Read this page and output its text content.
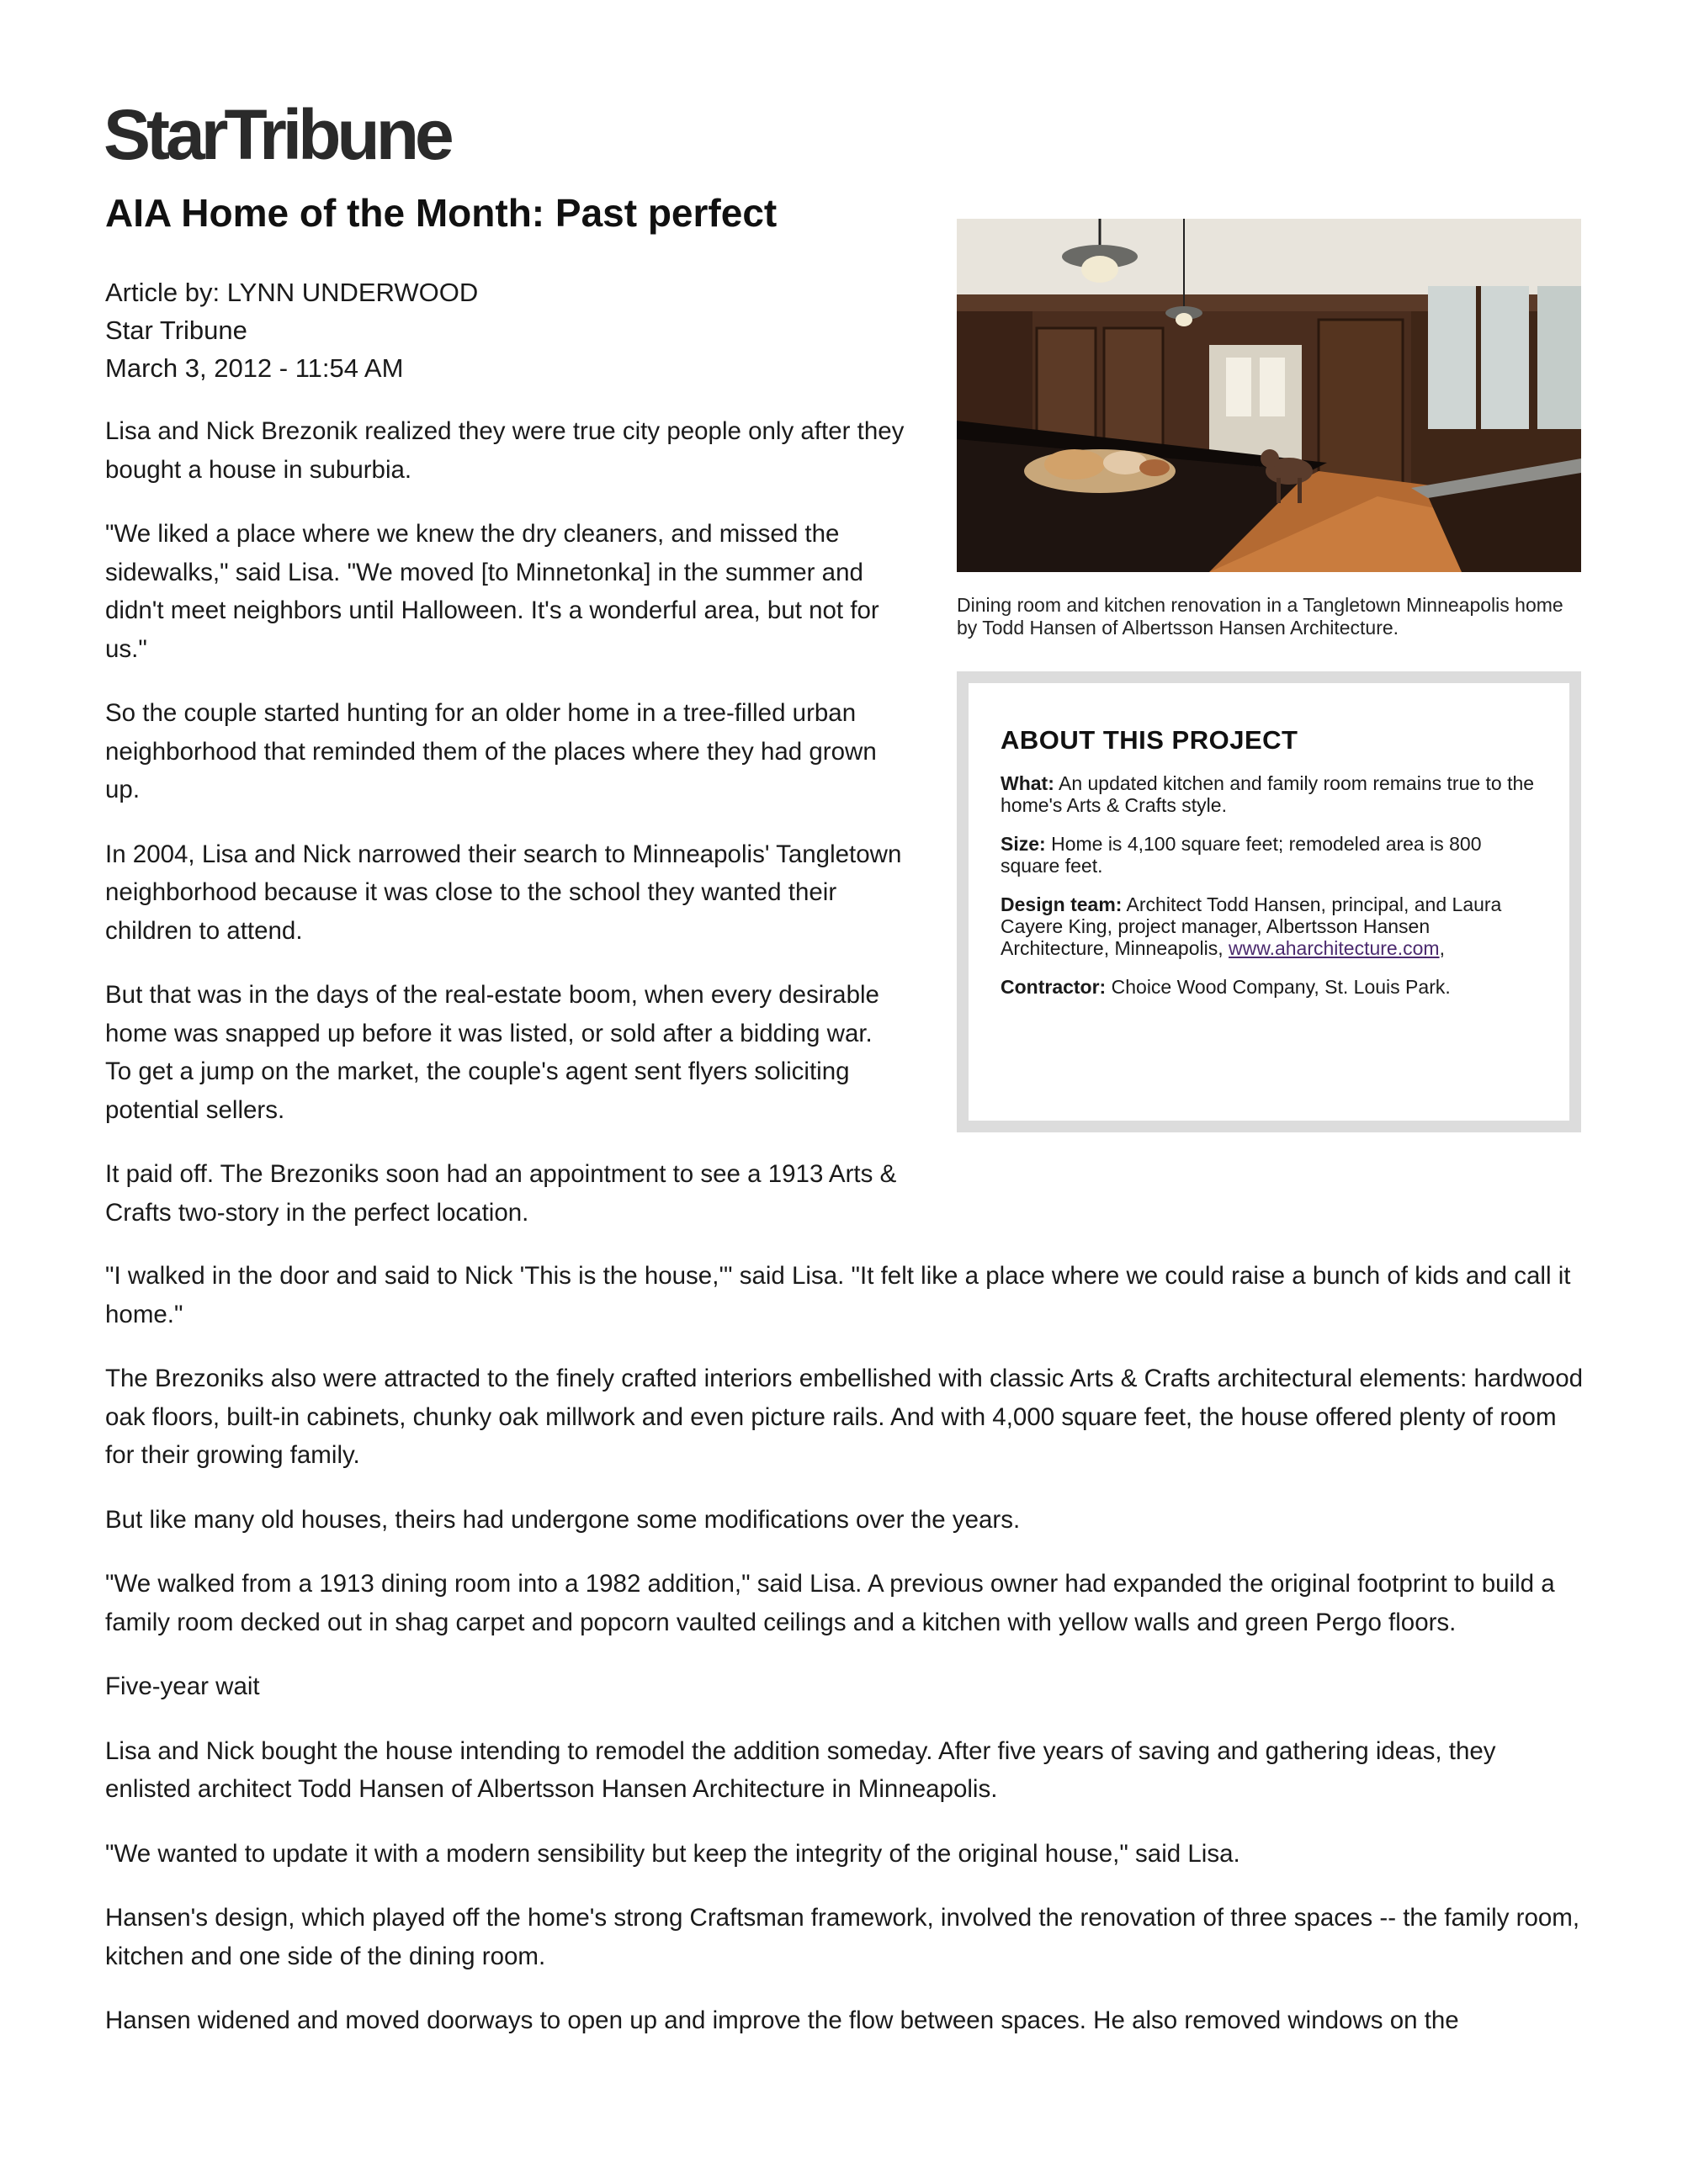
StarTribune
AIA Home of the Month: Past perfect
Article by: LYNN UNDERWOOD
Star Tribune
March 3, 2012 - 11:54 AM

Lisa and Nick Brezonik realized they were true city people only after they bought a house in suburbia.

"We liked a place where we knew the dry cleaners, and missed the sidewalks," said Lisa. "We moved [to Minnetonka] in the summer and didn't meet neighbors until Halloween. It's a wonderful area, but not for us."

So the couple started hunting for an older home in a tree-filled urban neighborhood that reminded them of the places where they had grown up.

In 2004, Lisa and Nick narrowed their search to Minneapolis' Tangletown neighborhood because it was close to the school they wanted their children to attend.

But that was in the days of the real-estate boom, when every desirable home was snapped up before it was listed, or sold after a bidding war. To get a jump on the market, the couple's agent sent flyers soliciting potential sellers.

It paid off. The Brezoniks soon had an appointment to see a 1913 Arts & Crafts two-story in the perfect location.

Dining room and kitchen renovation in a Tangletown Minneapolis home by Todd Hansen of Albertsson Hansen Architecture.
ABOUT THIS PROJECT

What: An updated kitchen and family room remains true to the home's Arts & Crafts style.

Size: Home is 4,100 square feet; remodeled area is 800 square feet.

Design team: Architect Todd Hansen, principal, and Laura Cayere King, project manager, Albertsson Hansen Architecture, Minneapolis, www.aharchitecture.com,

Contractor: Choice Wood Company, St. Louis Park.

"I walked in the door and said to Nick 'This is the house,'" said Lisa. "It felt like a place where we could raise a bunch of kids and call it home."

The Brezoniks also were attracted to the finely crafted interiors embellished with classic Arts & Crafts architectural elements: hardwood oak floors, built-in cabinets, chunky oak millwork and even picture rails. And with 4,000 square feet, the house offered plenty of room for their growing family.

But like many old houses, theirs had undergone some modifications over the years.

"We walked from a 1913 dining room into a 1982 addition," said Lisa. A previous owner had expanded the original footprint to build a family room decked out in shag carpet and popcorn vaulted ceilings and a kitchen with yellow walls and green Pergo floors.

Five-year wait

Lisa and Nick bought the house intending to remodel the addition someday. After five years of saving and gathering ideas, they enlisted architect Todd Hansen of Albertsson Hansen Architecture in Minneapolis.

"We wanted to update it with a modern sensibility but keep the integrity of the original house," said Lisa.

Hansen's design, which played off the home's strong Craftsman framework, involved the renovation of three spaces -- the family room, kitchen and one side of the dining room.

Hansen widened and moved doorways to open up and improve the flow between spaces. He also removed windows on the
